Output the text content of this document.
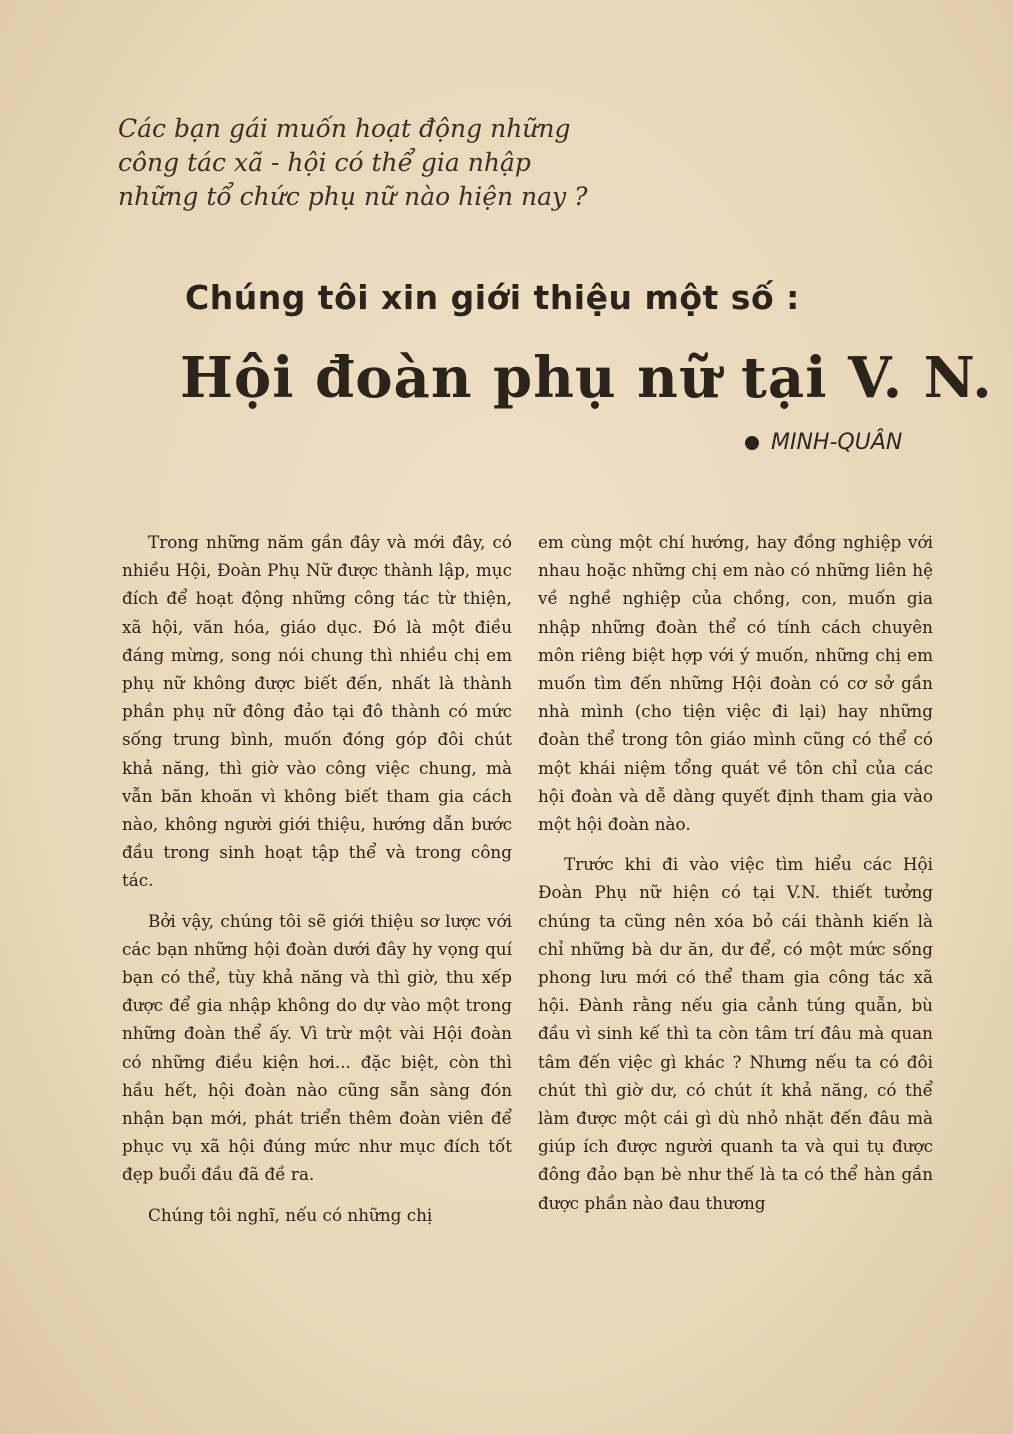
Các bạn gái muốn hoạt động những
công tác xã - hội có thể gia nhập
những tổ chức phụ nữ nào hiện nay ?
Chúng tôi xin giới thiệu một số :
Hội đoàn phụ nữ tại V. N.
MINH-QUÂN

Trong những năm gần đây và mới đây, có nhiều Hội, Đoàn Phụ Nữ được thành lập, mục đích để hoạt động những công tác từ thiện, xã hội, văn hóa, giáo dục. Đó là một điều đáng mừng, song nói chung thì nhiều chị em phụ nữ không được biết đến, nhất là thành phần phụ nữ đông đảo tại đô thành có mức sống trung bình, muốn đóng góp đôi chút khả năng, thì giờ vào công việc chung, mà vẫn băn khoăn vì không biết tham gia cách nào, không người giới thiệu, hướng dẫn bước đầu trong sinh hoạt tập thể và trong công tác.

Bởi vậy, chúng tôi sẽ giới thiệu sơ lược với các bạn những hội đoàn dưới đây hy vọng quí bạn có thể, tùy khả năng và thì giờ, thu xếp được để gia nhập không do dự vào một trong những đoàn thể ấy. Vì trừ một vài Hội đoàn có những điều kiện hơi... đặc biệt, còn thì hầu hết, hội đoàn nào cũng sẵn sàng đón nhận bạn mới, phát triển thêm đoàn viên để phục vụ xã hội đúng mức như mục đích tốt đẹp buổi đầu đã đề ra.

Chúng tôi nghĩ, nếu có những chị

em cùng một chí hướng, hay đồng nghiệp với nhau hoặc những chị em nào có những liên hệ về nghề nghiệp của chồng, con, muốn gia nhập những đoàn thể có tính cách chuyên môn riêng biệt hợp với ý muốn, những chị em muốn tìm đến những Hội đoàn có cơ sở gần nhà mình (cho tiện việc đi lại) hay những đoàn thể trong tôn giáo mình cũng có thể có một khái niệm tổng quát về tôn chỉ của các hội đoàn và dễ dàng quyết định tham gia vào một hội đoàn nào.

Trước khi đi vào việc tìm hiểu các Hội Đoàn Phụ nữ hiện có tại V.N. thiết tưởng chúng ta cũng nên xóa bỏ cái thành kiến là chỉ những bà dư ăn, dư để, có một mức sống phong lưu mới có thể tham gia công tác xã hội. Đành rằng nếu gia cảnh túng quẫn, bù đầu vì sinh kế thì ta còn tâm trí đâu mà quan tâm đến việc gì khác ? Nhưng nếu ta có đôi chút thì giờ dư, có chút ít khả năng, có thể làm được một cái gì dù nhỏ nhặt đến đâu mà giúp ích được người quanh ta và qui tụ được đông đảo bạn bè như thế là ta có thể hàn gắn được phần nào đau thương
